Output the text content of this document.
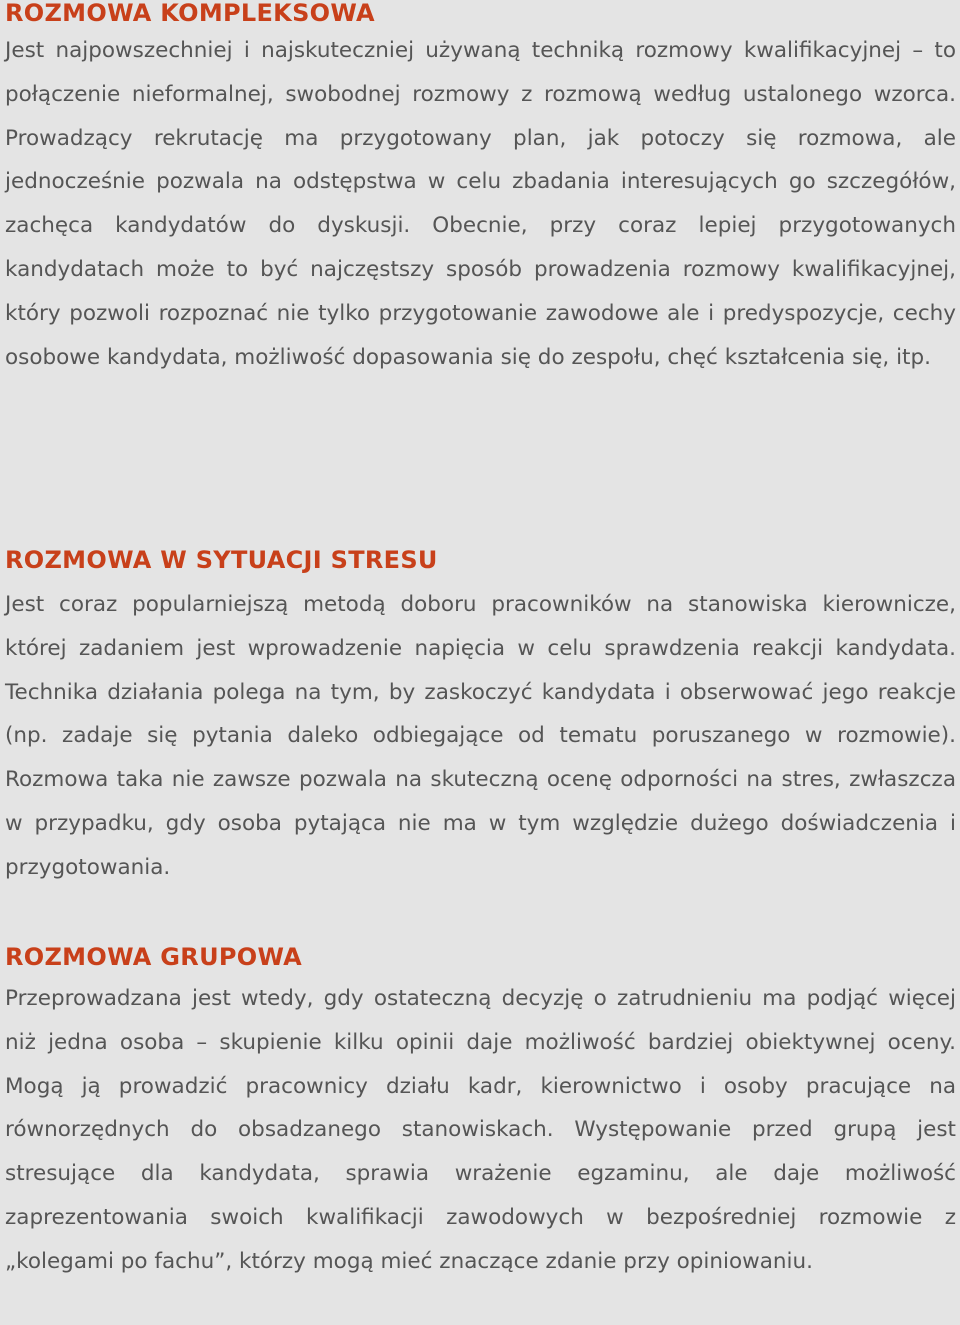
ROZMOWA KOMPLEKSOWA

Jest najpowszechniej i najskuteczniej używaną techniką rozmowy kwalifikacyjnej – to połączenie nieformalnej, swobodnej rozmowy z rozmową według ustalonego wzorca. Prowadzący rekrutację ma przygotowany plan, jak potoczy się rozmowa, ale jednocześnie pozwala na odstępstwa w celu zbadania interesujących go szczegółów, zachęca kandydatów do dyskusji. Obecnie, przy coraz lepiej przygotowanych kandydatach może to być najczęstszy sposób prowadzenia rozmowy kwalifikacyjnej, który pozwoli rozpoznać nie tylko przygotowanie zawodowe ale i predyspozycje, cechy osobowe kandydata, możliwość dopasowania się do zespołu, chęć kształcenia się, itp.

ROZMOWA W SYTUACJI STRESU

Jest coraz popularniejszą metodą doboru pracowników na stanowiska kierownicze, której zadaniem jest wprowadzenie napięcia w celu sprawdzenia reakcji kandydata. Technika działania polega na tym, by zaskoczyć kandydata i obserwować jego reakcje (np. zadaje się pytania daleko odbiegające od tematu poruszanego w rozmowie). Rozmowa taka nie zawsze pozwala na skuteczną ocenę odporności na stres, zwłaszcza w przypadku, gdy osoba pytająca nie ma w tym względzie dużego doświadczenia i przygotowania.

ROZMOWA GRUPOWA

Przeprowadzana jest wtedy, gdy ostateczną decyzję o zatrudnieniu ma podjąć więcej niż jedna osoba – skupienie kilku opinii daje możliwość bardziej obiektywnej oceny. Mogą ją prowadzić pracownicy działu kadr, kierownictwo i osoby pracujące na równorzędnych do obsadzanego stanowiskach. Występowanie przed grupą jest stresujące dla kandydata, sprawia wrażenie egzaminu, ale daje możliwość zaprezentowania swoich kwalifikacji zawodowych w bezpośredniej rozmowie z „kolegami po fachu”, którzy mogą mieć znaczące zdanie przy opiniowaniu.
